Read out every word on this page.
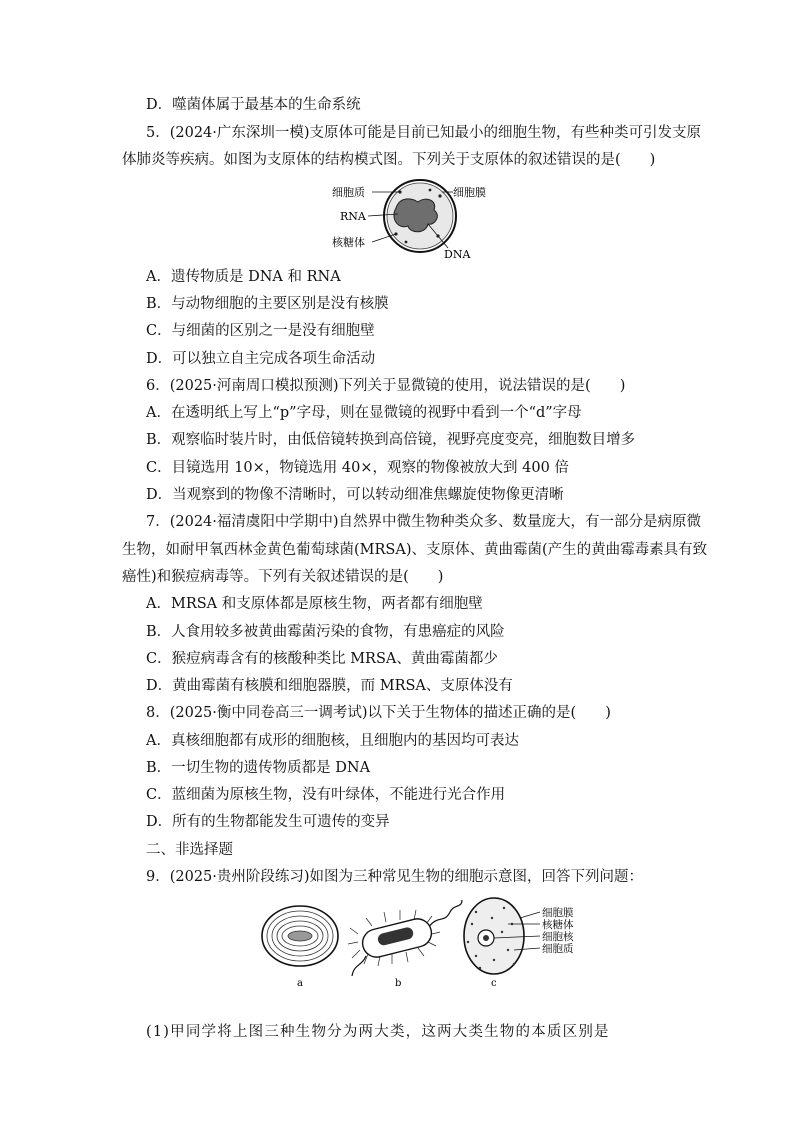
D．噬菌体属于最基本的生命系统
5．(2024·广东深圳一模)支原体可能是目前已知最小的细胞生物，有些种类可引发支原
体肺炎等疾病。如图为支原体的结构模式图。下列关于支原体的叙述错误的是(　　)
细胞质	细胞膜
RNA
核糖体
DNA
A．遗传物质是 DNA 和 RNA
B．与动物细胞的主要区别是没有核膜
C．与细菌的区别之一是没有细胞壁
D．可以独立自主完成各项生命活动
6．(2025·河南周口模拟预测)下列关于显微镜的使用，说法错误的是(　　)
A．在透明纸上写上“p”字母，则在显微镜的视野中看到一个“d”字母
B．观察临时装片时，由低倍镜转换到高倍镜，视野亮度变亮，细胞数目增多
C．目镜选用 10×，物镜选用 40×，观察的物像被放大到 400 倍
D．当观察到的物像不清晰时，可以转动细准焦螺旋使物像更清晰
7．(2024·福清虞阳中学期中)自然界中微生物种类众多、数量庞大，有一部分是病原微
生物，如耐甲氧西林金黄色葡萄球菌(MRSA)、支原体、黄曲霉菌(产生的黄曲霉毒素具有致
癌性)和猴痘病毒等。下列有关叙述错误的是(　　)
A．MRSA 和支原体都是原核生物，两者都有细胞壁
B．人食用较多被黄曲霉菌污染的食物，有患癌症的风险
C．猴痘病毒含有的核酸种类比 MRSA、黄曲霉菌都少
D．黄曲霉菌有核膜和细胞器膜，而 MRSA、支原体没有
8．(2025·衡中同卷高三一调考试)以下关于生物体的描述正确的是(　　)
A．真核细胞都有成形的细胞核，且细胞内的基因均可表达
B．一切生物的遗传物质都是 DNA
C．蓝细菌为原核生物，没有叶绿体，不能进行光合作用
D．所有的生物都能发生可遗传的变异
二、非选择题
9．(2025·贵州阶段练习)如图为三种常见生物的细胞示意图，回答下列问题：
细胞膜
核糖体
细胞核
细胞质
a	b	c
(1)甲同学将上图三种生物分为两大类，这两大类生物的本质区别是
